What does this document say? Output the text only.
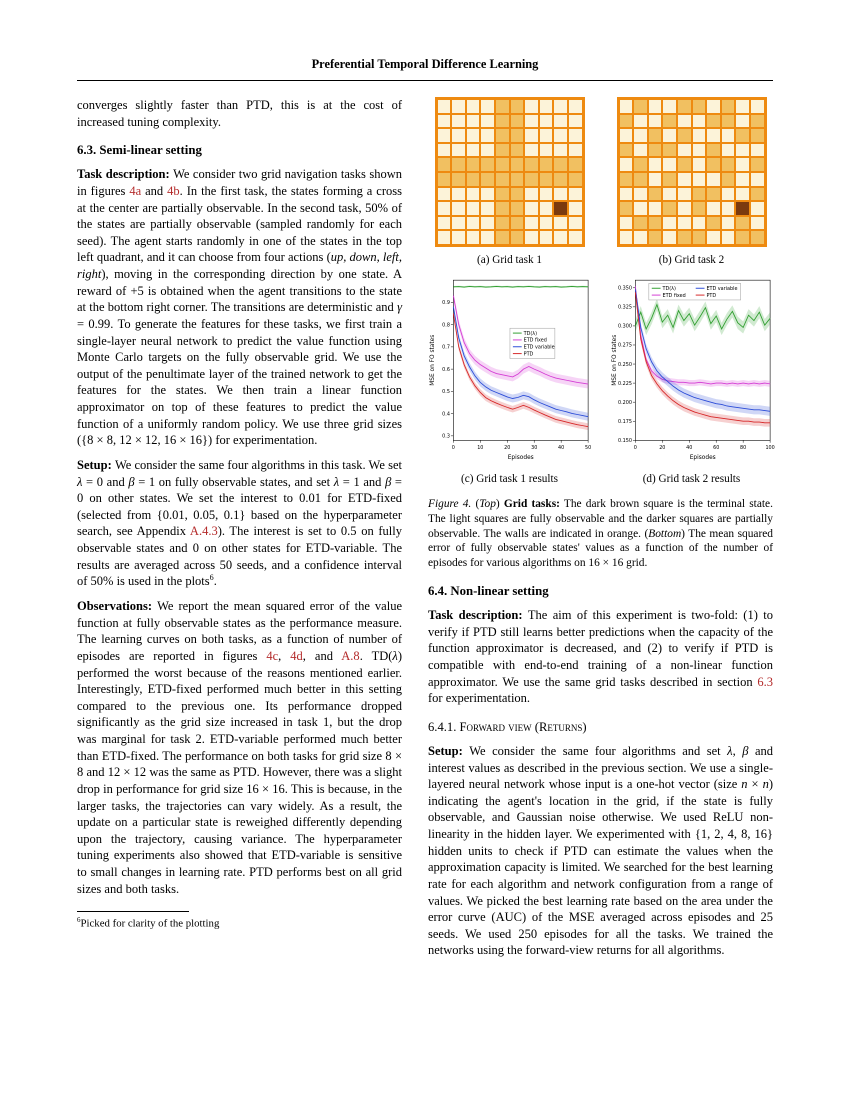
Preferential Temporal Difference Learning

converges slightly faster than PTD, this is at the cost of increased tuning complexity.

6.3. Semi-linear setting

Task description: We consider two grid navigation tasks shown in figures 4a and 4b. In the first task, the states forming a cross at the center are partially observable. In the second task, 50% of the states are partially observable (sampled randomly for each seed). The agent starts randomly in one of the states in the top left quadrant, and it can choose from four actions (up, down, left, right), moving in the corresponding direction by one state. A reward of +5 is obtained when the agent transitions to the state at the bottom right corner. The transitions are deterministic and γ = 0.99. To generate the features for these tasks, we first train a single-layer neural network to predict the value function using Monte Carlo targets on the fully observable grid. We use the output of the penultimate layer of the trained network to get the features for the states. We then train a linear function approximator on top of these features to predict the value function of a uniformly random policy. We use three grid sizes ({8 × 8, 12 × 12, 16 × 16}) for experimentation.

Setup: We consider the same four algorithms in this task. We set λ = 0 and β = 1 on fully observable states, and set λ = 1 and β = 0 on other states. We set the interest to 0.01 for ETD-fixed (selected from {0.01, 0.05, 0.1} based on the hyperparameter search, see Appendix A.4.3). The interest is set to 0.5 on fully observable states and 0 on other states for ETD-variable. The results are averaged across 50 seeds, and a confidence interval of 50% is used in the plots$^6$.

Observations: We report the mean squared error of the value function at fully observable states as the performance measure. The learning curves on both tasks, as a function of number of episodes are reported in figures 4c, 4d, and A.8. TD(λ) performed the worst because of the reasons mentioned earlier. Interestingly, ETD-fixed performed much better in this setting compared to the previous one. Its performance dropped significantly as the grid size increased in task 1, but the drop was marginal for task 2. ETD-variable performed much better than ETD-fixed. The performance on both tasks for grid size 8 × 8 and 12 × 12 was the same as PTD. However, there was a slight drop in performance for grid size 16 × 16. This is because, in the larger tasks, the trajectories can vary widely. As a result, the update on a particular state is reweighed differently depending upon the trajectory, causing variance. The hyperparameter tuning experiments also showed that ETD-variable is sensitive to small changes in learning rate. PTD performs best on all grid sizes and both tasks.

$^6$Picked for clarity of the plotting

(a) Grid task 1	(b) Grid task 2
0	10	20	30	40	50
0.3
0.4
0.5
0.6
0.7
0.8
0.9
Episodes
MSE on FO states
TD(λ)
ETD fixed
ETD variable
PTD
(c) Grid task 1 results
0	20	40	60	80	100
0.150
0.175
0.200
0.225
0.250
0.275
0.300
0.325
0.350
Episodes
MSE on FO states
TD(λ)	ETD variable
ETD fixed	PTD
(d) Grid task 2 results

Figure 4. (Top) Grid tasks: The dark brown square is the terminal state. The light squares are fully observable and the darker squares are partially observable. The walls are indicated in orange. (Bottom) The mean squared error of fully observable states' values as a function of the number of episodes for various algorithms on 16 × 16 grid.

6.4. Non-linear setting

Task description: The aim of this experiment is two-fold: (1) to verify if PTD still learns better predictions when the capacity of the function approximator is decreased, and (2) to verify if PTD is compatible with end-to-end training of a non-linear function approximator. We use the same grid tasks described in section 6.3 for experimentation.

6.4.1. Forward view (Returns)

Setup: We consider the same four algorithms and set λ, β and interest values as described in the previous section. We use a single-layered neural network whose input is a one-hot vector (size n × n) indicating the agent's location in the grid, if the state is fully observable, and Gaussian noise otherwise. We used ReLU non-linearity in the hidden layer. We experimented with {1, 2, 4, 8, 16} hidden units to check if PTD can estimate the values when the approximation capacity is limited. We searched for the best learning rate for each algorithm and network configuration from a range of values. We picked the best learning rate based on the area under the error curve (AUC) of the MSE averaged across episodes and 25 seeds. We used 250 episodes for all the tasks. We trained the networks using the forward-view returns for all algorithms.
